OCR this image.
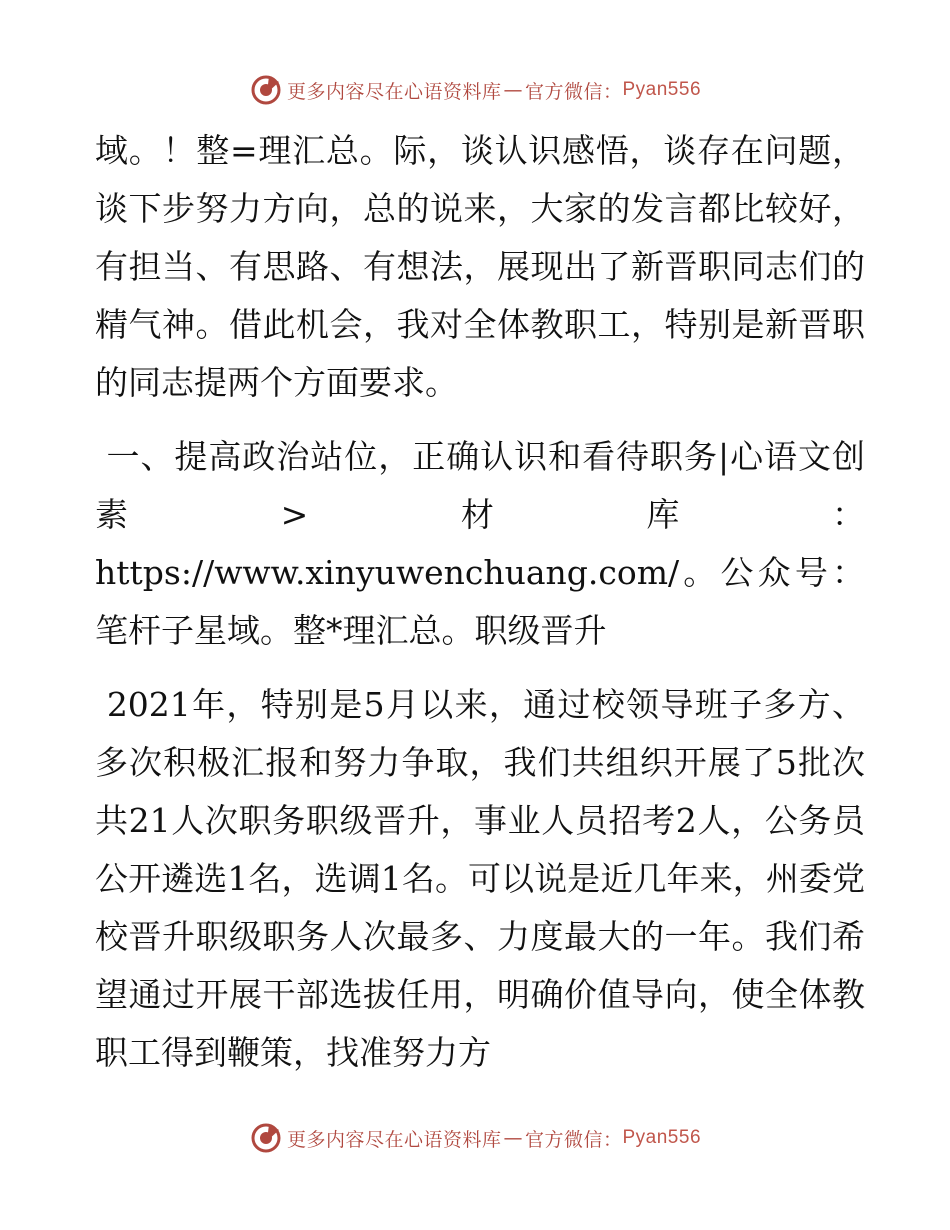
更多内容尽在心语资料库 — 官方微信： Pyan556

域。！整=理汇总。际，谈认识感悟，谈存在问题，谈下步努力方向，总的说来，大家的发言都比较好，有担当、有思路、有想法，展现出了新晋职同志们的精气神。借此机会，我对全体教职工，特别是新晋职的同志提两个方面要求。

一、提高政治站位，正确认识和看待职务|心语文创素>材库：https://www.xinyuwenchuang.com/。公众号：笔杆子星域。整*理汇总。职级晋升

2021年，特别是5月以来，通过校领导班子多方、多次积极汇报和努力争取，我们共组织开展了5批次共21人次职务职级晋升，事业人员招考2人，公务员公开遴选1名，选调1名。可以说是近几年来，州委党校晋升职级职务人次最多、力度最大的一年。我们希望通过开展干部选拔任用，明确价值导向，使全体教职工得到鞭策，找准努力方

更多内容尽在心语资料库 — 官方微信： Pyan556
